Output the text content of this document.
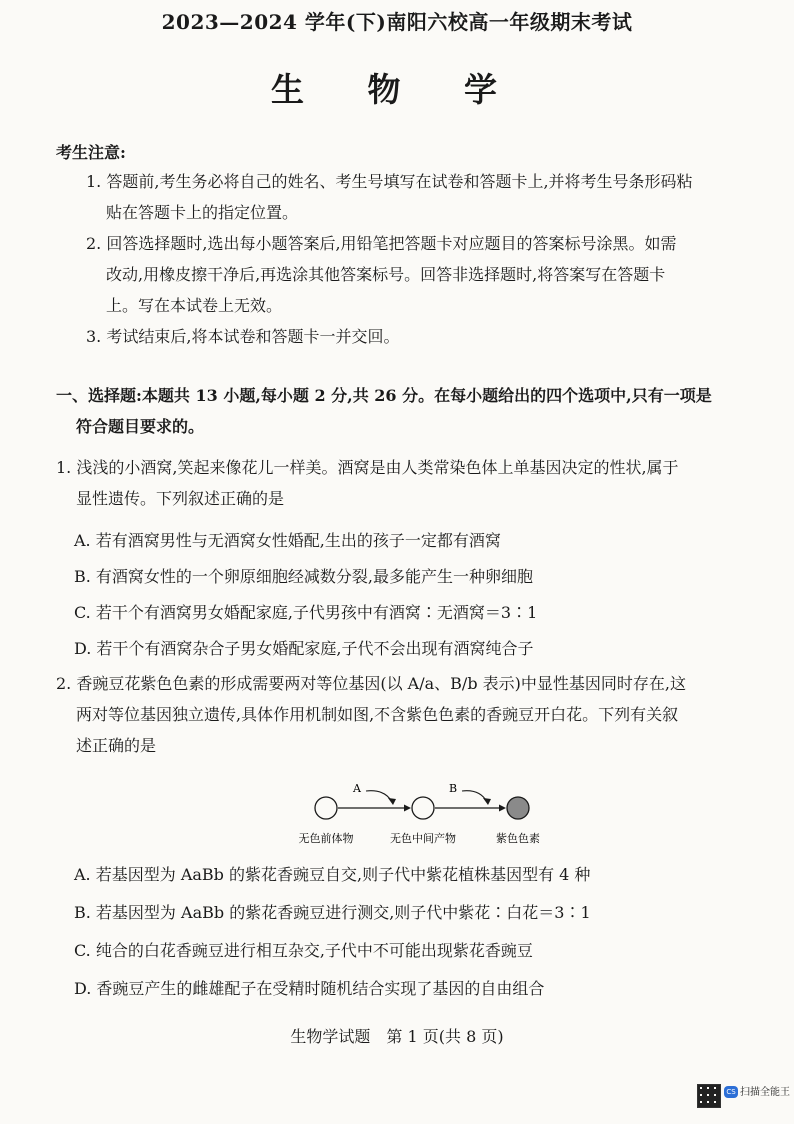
2023—2024 学年(下)南阳六校高一年级期末考试
生 物 学
考生注意:
1. 答题前,考生务必将自己的姓名、考生号填写在试卷和答题卡上,并将考生号条形码粘
贴在答题卡上的指定位置。
2. 回答选择题时,选出每小题答案后,用铅笔把答题卡对应题目的答案标号涂黑。如需
改动,用橡皮擦干净后,再选涂其他答案标号。回答非选择题时,将答案写在答题卡
上。写在本试卷上无效。
3. 考试结束后,将本试卷和答题卡一并交回。
一、选择题:本题共 13 小题,每小题 2 分,共 26 分。在每小题给出的四个选项中,只有一项是
符合题目要求的。
1. 浅浅的小酒窝,笑起来像花儿一样美。酒窝是由人类常染色体上单基因决定的性状,属于
显性遗传。下列叙述正确的是
A. 若有酒窝男性与无酒窝女性婚配,生出的孩子一定都有酒窝
B. 有酒窝女性的一个卵原细胞经减数分裂,最多能产生一种卵细胞
C. 若干个有酒窝男女婚配家庭,子代男孩中有酒窝∶无酒窝＝3∶1
D. 若干个有酒窝杂合子男女婚配家庭,子代不会出现有酒窝纯合子
2. 香豌豆花紫色色素的形成需要两对等位基因(以 A/a、B/b 表示)中显性基因同时存在,这
两对等位基因独立遗传,具体作用机制如图,不含紫色色素的香豌豆开白花。下列有关叙
述正确的是
A	B
无色前体物	无色中间产物	紫色色素
A. 若基因型为 AaBb 的紫花香豌豆自交,则子代中紫花植株基因型有 4 种
B. 若基因型为 AaBb 的紫花香豌豆进行测交,则子代中紫花∶白花＝3∶1
C. 纯合的白花香豌豆进行相互杂交,子代中不可能出现紫花香豌豆
D. 香豌豆产生的雌雄配子在受精时随机结合实现了基因的自由组合
生物学试题　第 1 页(共 8 页)
CS 扫描全能王
